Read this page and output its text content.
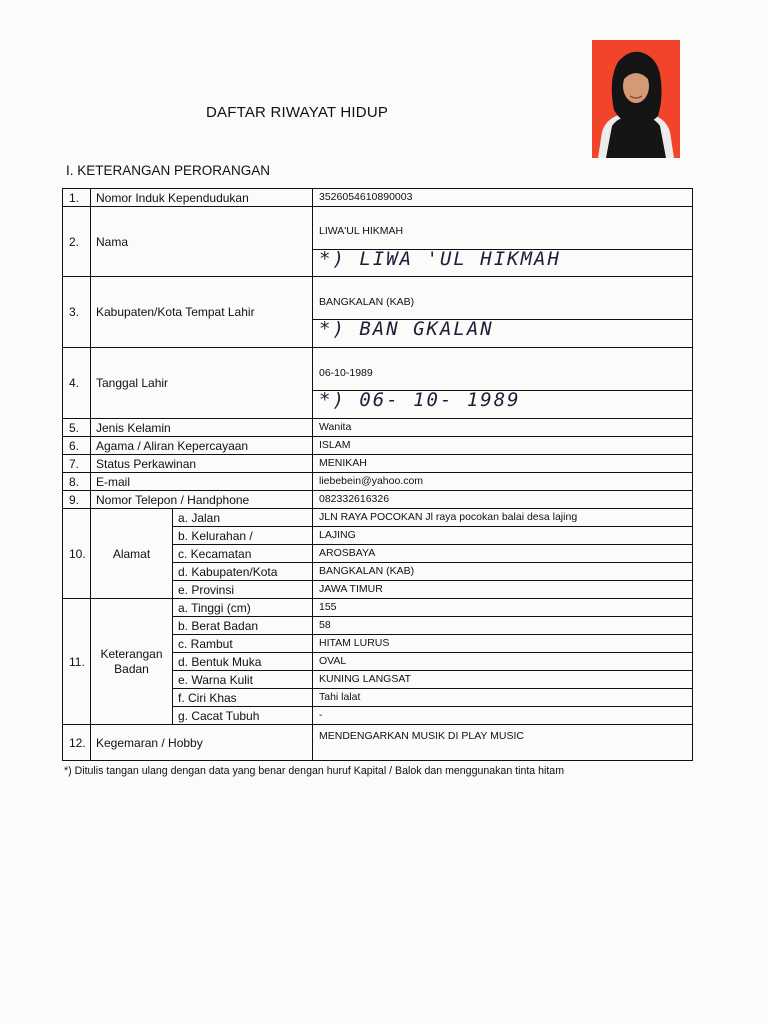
DAFTAR RIWAYAT HIDUP
I. KETERANGAN PERORANGAN
1.	Nomor Induk Kependudukan		3526054610890003
2.	Nama		LIWA'UL HIKMAH
*) LIWA 'UL HIKMAH

3.	Kabupaten/Kota Tempat Lahir		BANGKALAN (KAB)
*) BAN GKALAN

4.	Tanggal Lahir		06-10-1989
*) 06- 10- 1989

5.	Jenis Kelamin		Wanita
6.	Agama / Aliran Kepercayaan		ISLAM
7.	Status Perkawinan		MENIKAH
8.	E-mail		liebebein@yahoo.com
9.	Nomor Telepon / Handphone		082332616326
10.	Alamat	a. Jalan	JLN RAYA POCOKAN Jl raya pocokan balai desa lajing
		b. Kelurahan /	LAJING
		c. Kecamatan	AROSBAYA
		d. Kabupaten/Kota	BANGKALAN (KAB)
		e. Provinsi	JAWA TIMUR
11.	Keterangan Badan	a. Tinggi (cm)	155
		b. Berat Badan	58
		c. Rambut	HITAM LURUS
		d. Bentuk Muka	OVAL
		e. Warna Kulit	KUNING LANGSAT
		f. Ciri Khas	Tahi lalat
		g. Cacat Tubuh	-
12.	Kegemaran / Hobby		MENDENGARKAN MUSIK DI PLAY MUSIC
*) Ditulis tangan ulang dengan data yang benar dengan huruf Kapital / Balok dan menggunakan tinta hitam
